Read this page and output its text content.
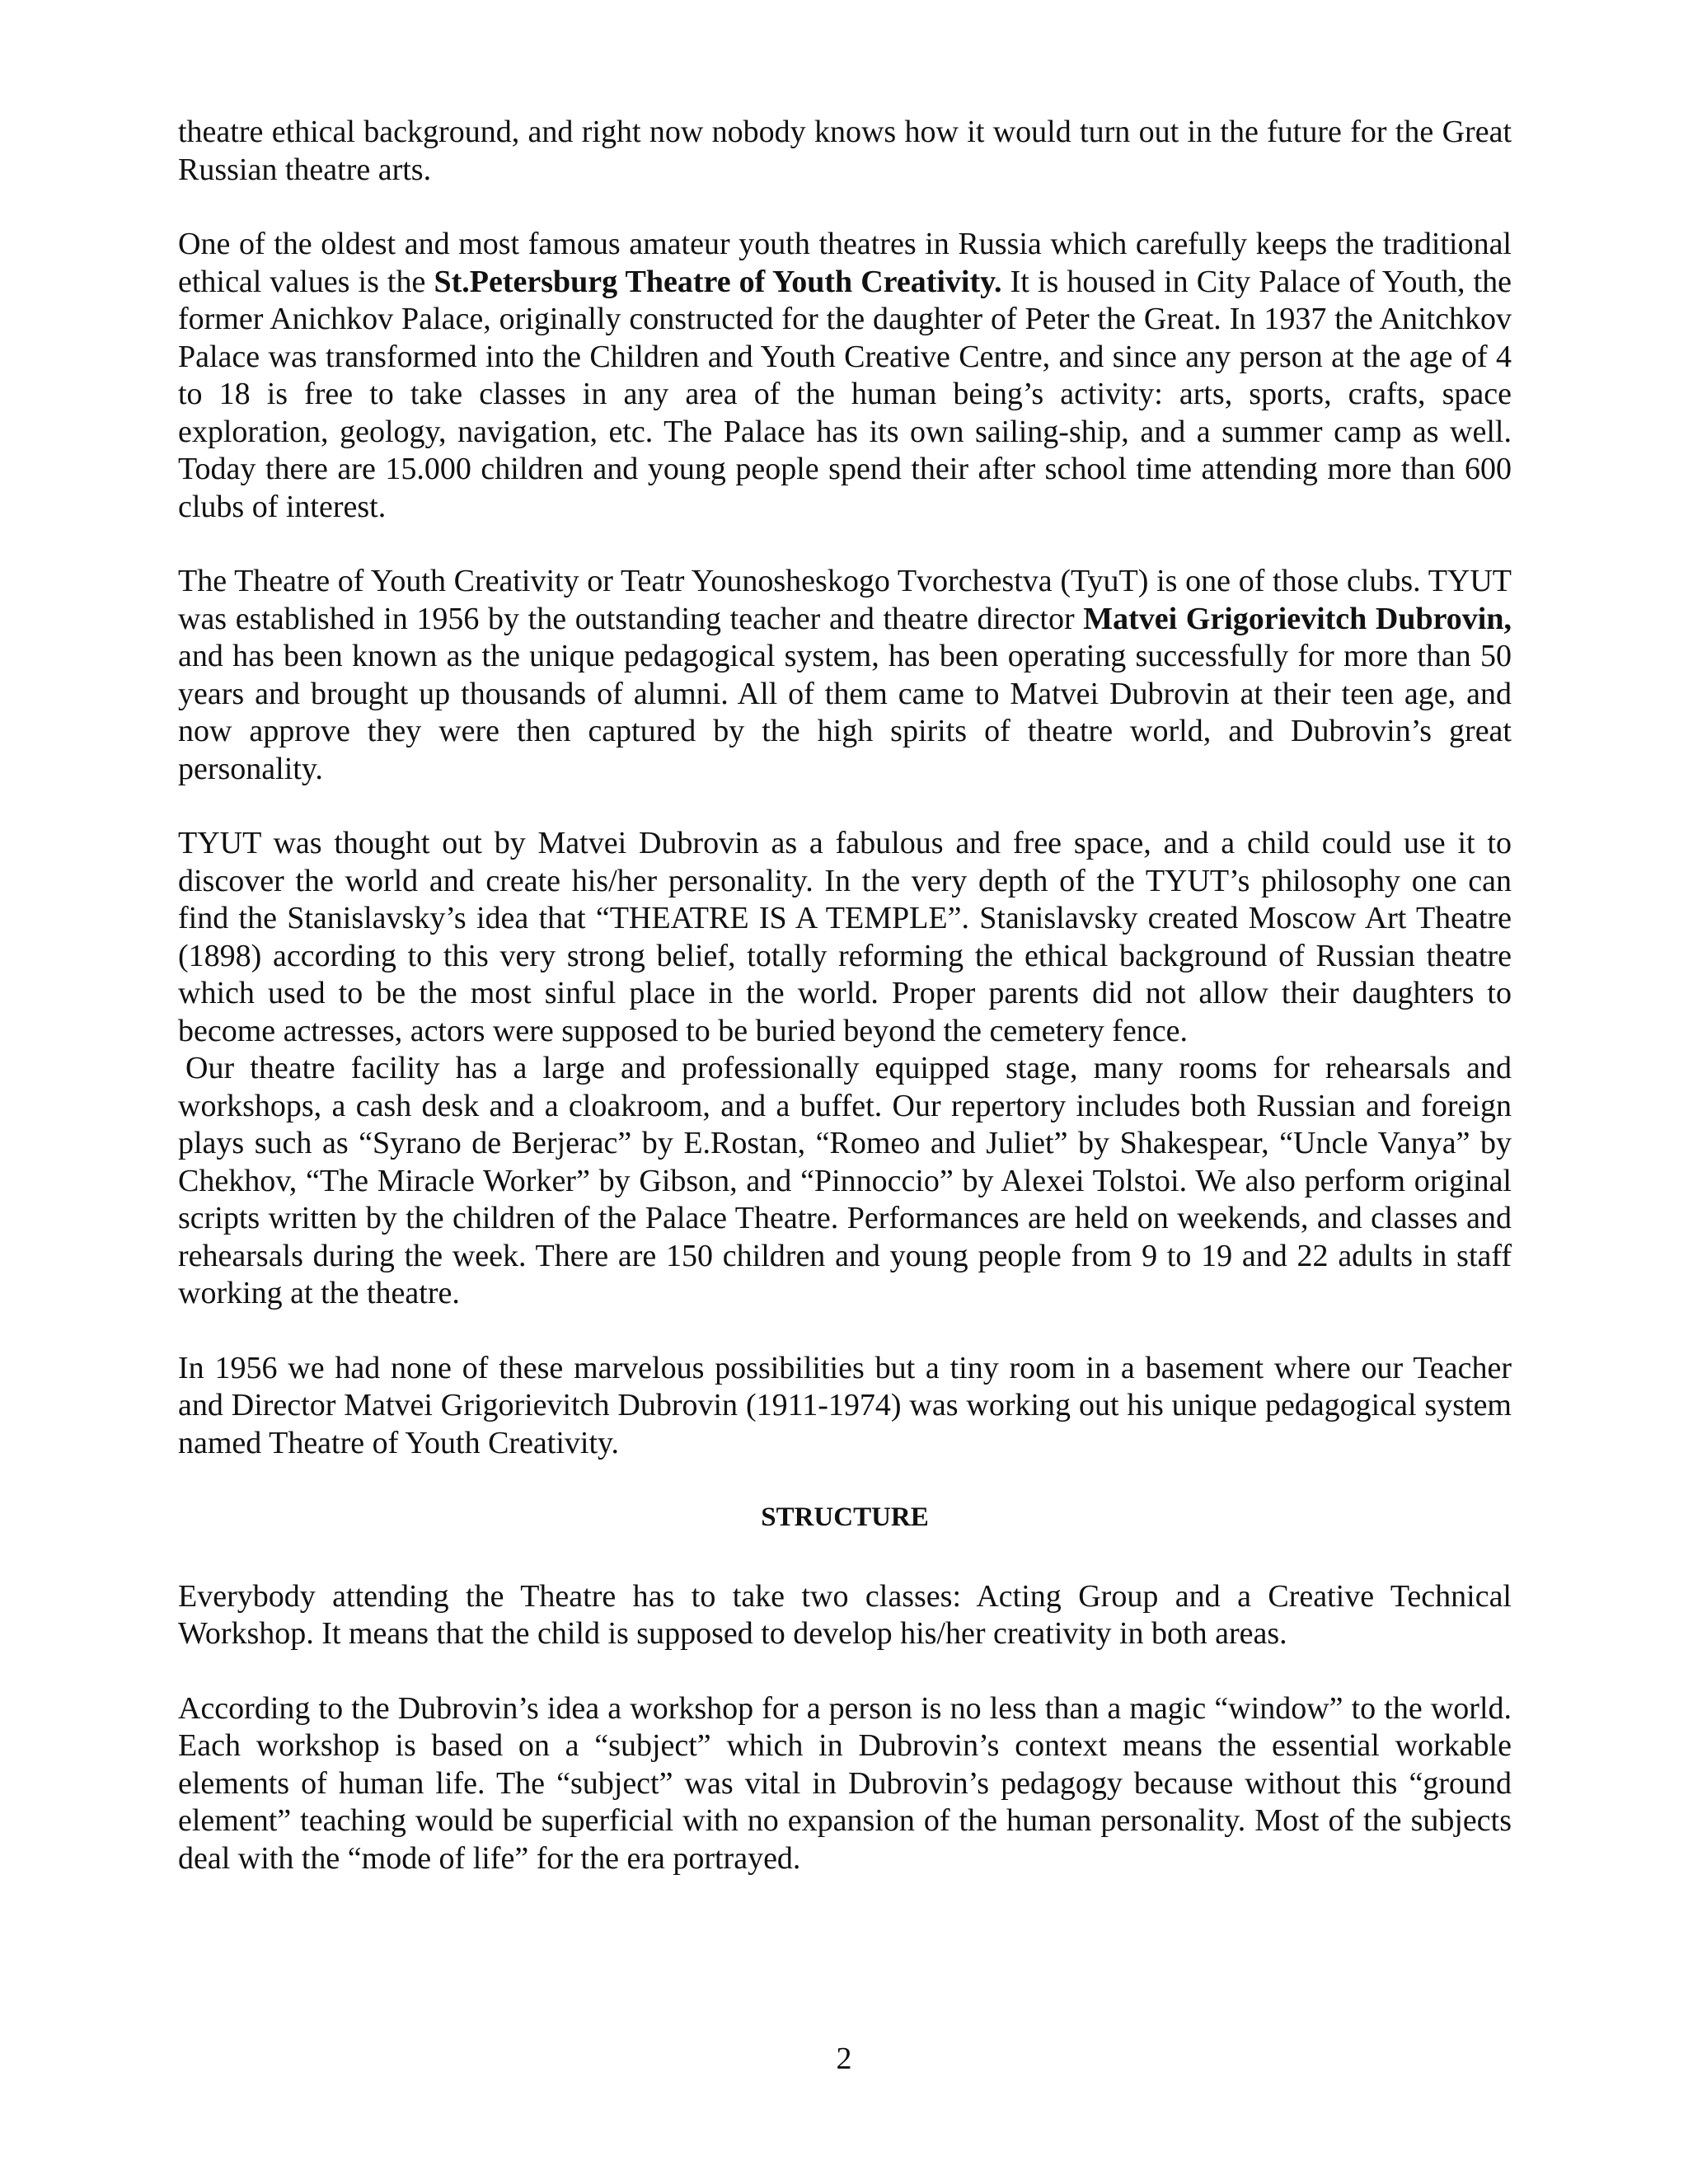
theatre ethical background, and right now nobody knows how it would turn out in the future for the Great Russian theatre arts.

One of the oldest and most famous amateur youth theatres in Russia which carefully keeps the traditional ethical values is the St.Petersburg Theatre of Youth Creativity. It is housed in City Palace of Youth, the former Anichkov Palace, originally constructed for the daughter of Peter the Great. In 1937 the Anitchkov Palace was transformed into the Children and Youth Creative Centre, and since any person at the age of 4 to 18 is free to take classes in any area of the human being’s activity: arts, sports, crafts, space exploration, geology, navigation, etc. The Palace has its own sailing-ship, and a summer camp as well. Today there are 15.000 children and young people spend their after school time attending more than 600 clubs of interest.

The Theatre of Youth Creativity or Teatr Younosheskogo Tvorchestva (TyuT) is one of those clubs. TYUT was established in 1956 by the outstanding teacher and theatre director Matvei Grigorievitch Dubrovin, and has been known as the unique pedagogical system, has been operating successfully for more than 50 years and brought up thousands of alumni. All of them came to Matvei Dubrovin at their teen age, and now approve they were then captured by the high spirits of theatre world, and Dubrovin’s great personality.

TYUT was thought out by Matvei Dubrovin as a fabulous and free space, and a child could use it to discover the world and create his/her personality. In the very depth of the TYUT’s philosophy one can find the Stanislavsky’s idea that “THEATRE IS A TEMPLE”. Stanislavsky created Moscow Art Theatre (1898) according to this very strong belief, totally reforming the ethical background of Russian theatre which used to be the most sinful place in the world. Proper parents did not allow their daughters to become actresses, actors were supposed to be buried beyond the cemetery fence.

Our theatre facility has a large and professionally equipped stage, many rooms for rehearsals and workshops, a cash desk and a cloakroom, and a buffet. Our repertory includes both Russian and foreign plays such as “Syrano de Berjerac” by E.Rostan, “Romeo and Juliet” by Shakespear, “Uncle Vanya” by Chekhov, “The Miracle Worker” by Gibson, and “Pinnoccio” by Alexei Tolstoi. We also perform original scripts written by the children of the Palace Theatre. Performances are held on weekends, and classes and rehearsals during the week. There are 150 children and young people from 9 to 19 and 22 adults in staff working at the theatre.

In 1956 we had none of these marvelous possibilities but a tiny room in a basement where our Teacher and Director Matvei Grigorievitch Dubrovin (1911-1974) was working out his unique pedagogical system named Theatre of Youth Creativity.

STRUCTURE

Everybody attending the Theatre has to take two classes: Acting Group and a Creative Technical Workshop. It means that the child is supposed to develop his/her creativity in both areas.

According to the Dubrovin’s idea a workshop for a person is no less than a magic “window” to the world. Each workshop is based on a “subject” which in Dubrovin’s context means the essential workable elements of human life. The “subject” was vital in Dubrovin’s pedagogy because without this “ground element” teaching would be superficial with no expansion of the human personality. Most of the subjects deal with the “mode of life” for the era portrayed.

2
